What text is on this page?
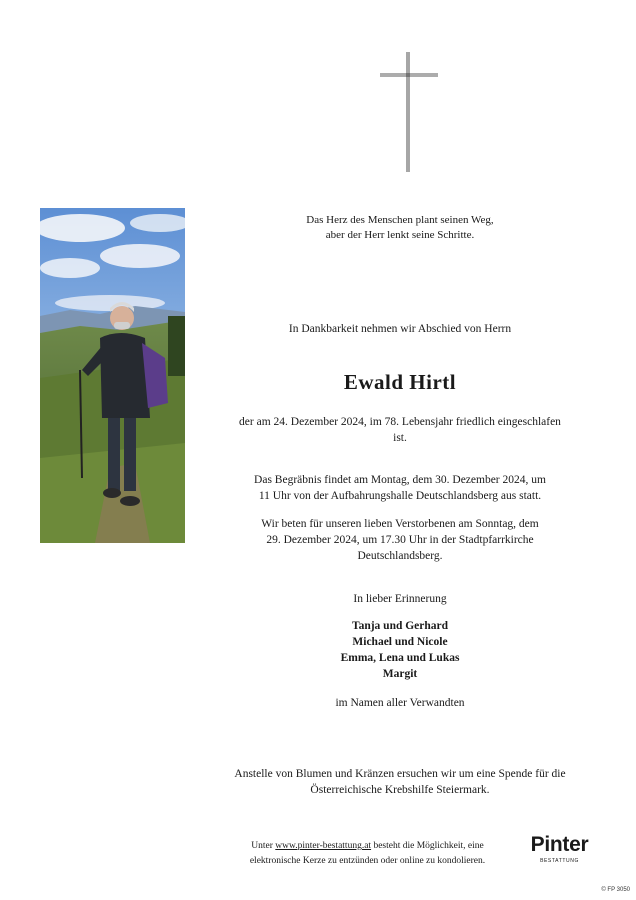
Das Herz des Menschen plant seinen Weg,
aber der Herr lenkt seine Schritte.
In Dankbarkeit nehmen wir Abschied von Herrn
Ewald Hirtl
der am 24. Dezember 2024, im 78. Lebensjahr friedlich eingeschlafen
ist.
Das Begräbnis findet am Montag, dem 30. Dezember 2024, um
11 Uhr von der Aufbahrungshalle Deutschlandsberg aus statt.
Wir beten für unseren lieben Verstorbenen am Sonntag, dem
29. Dezember 2024, um 17.30 Uhr in der Stadtpfarrkirche
Deutschlandsberg.
In lieber Erinnerung
Tanja und Gerhard
Michael und Nicole
Emma, Lena und Lukas
Margit
im Namen aller Verwandten
Anstelle von Blumen und Kränzen ersuchen wir um eine Spende für die
Österreichische Krebshilfe Steiermark.
Unter www.pinter-bestattung.at besteht die Möglichkeit, eine
elektronische Kerze zu entzünden oder online zu kondolieren.
Pinter
BESTATTUNG
© FP 3050
